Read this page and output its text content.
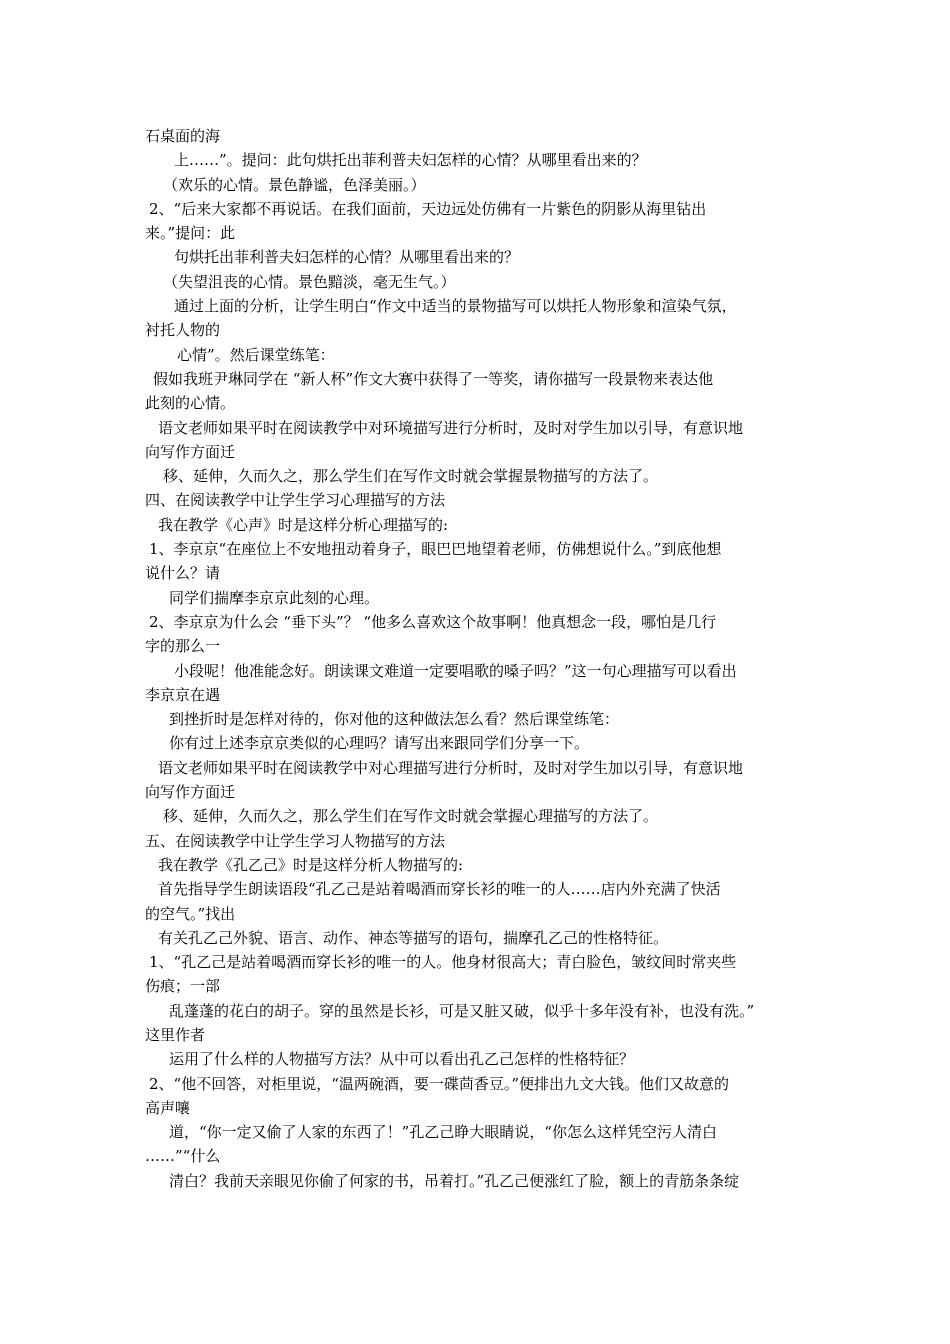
石桌面的海
上……”。提问：此句烘托出菲利普夫妇怎样的心情？从哪里看出来的？
（欢乐的心情。景色静谧，色泽美丽。）
2、“后来大家都不再说话。在我们面前，天边远处仿佛有一片紫色的阴影从海里钻出
来。”提问：此
句烘托出菲利普夫妇怎样的心情？从哪里看出来的？
（失望沮丧的心情。景色黯淡，毫无生气。）
通过上面的分析，让学生明白“作文中适当的景物描写可以烘托人物形象和渲染气氛，
衬托人物的
心情”。然后课堂练笔：
假如我班尹琳同学在 “新人杯”作文大赛中获得了一等奖，请你描写一段景物来表达他
此刻的心情。
语文老师如果平时在阅读教学中对环境描写进行分析时，及时对学生加以引导，有意识地
向写作方面迁
移、延伸，久而久之，那么学生们在写作文时就会掌握景物描写的方法了。
四、在阅读教学中让学生学习心理描写的方法
我在教学《心声》时是这样分析心理描写的:
1、李京京“在座位上不安地扭动着身子，眼巴巴地望着老师，仿佛想说什么。”到底他想
说什么？请
同学们揣摩李京京此刻的心理。
2、李京京为什么会 “垂下头”？ “他多么喜欢这个故事啊！他真想念一段，哪怕是几行
字的那么一
小段呢！他准能念好。朗读课文难道一定要唱歌的嗓子吗？”这一句心理描写可以看出
李京京在遇
到挫折时是怎样对待的，你对他的这种做法怎么看？然后课堂练笔：
你有过上述李京京类似的心理吗？请写出来跟同学们分享一下。
语文老师如果平时在阅读教学中对心理描写进行分析时，及时对学生加以引导，有意识地
向写作方面迁
移、延伸，久而久之，那么学生们在写作文时就会掌握心理描写的方法了。
五、在阅读教学中让学生学习人物描写的方法
我在教学《孔乙己》时是这样分析人物描写的:
首先指导学生朗读语段“孔乙己是站着喝酒而穿长衫的唯一的人……店内外充满了快活
的空气。”找出
有关孔乙己外貌、语言、动作、神态等描写的语句，揣摩孔乙己的性格特征。
1、“孔乙己是站着喝酒而穿长衫的唯一的人。他身材很高大；青白脸色，皱纹间时常夹些
伤痕；一部
乱蓬蓬的花白的胡子。穿的虽然是长衫，可是又脏又破，似乎十多年没有补，也没有洗。”
这里作者
运用了什么样的人物描写方法？从中可以看出孔乙己怎样的性格特征？
2、“他不回答，对柜里说，“温两碗酒，要一碟茴香豆。”便排出九文大钱。他们又故意的
高声嚷
道，“你一定又偷了人家的东西了！”孔乙己睁大眼睛说，“你怎么这样凭空污人清白
……”“什么
清白？我前天亲眼见你偷了何家的书，吊着打。”孔乙己便涨红了脸，额上的青筋条条绽
